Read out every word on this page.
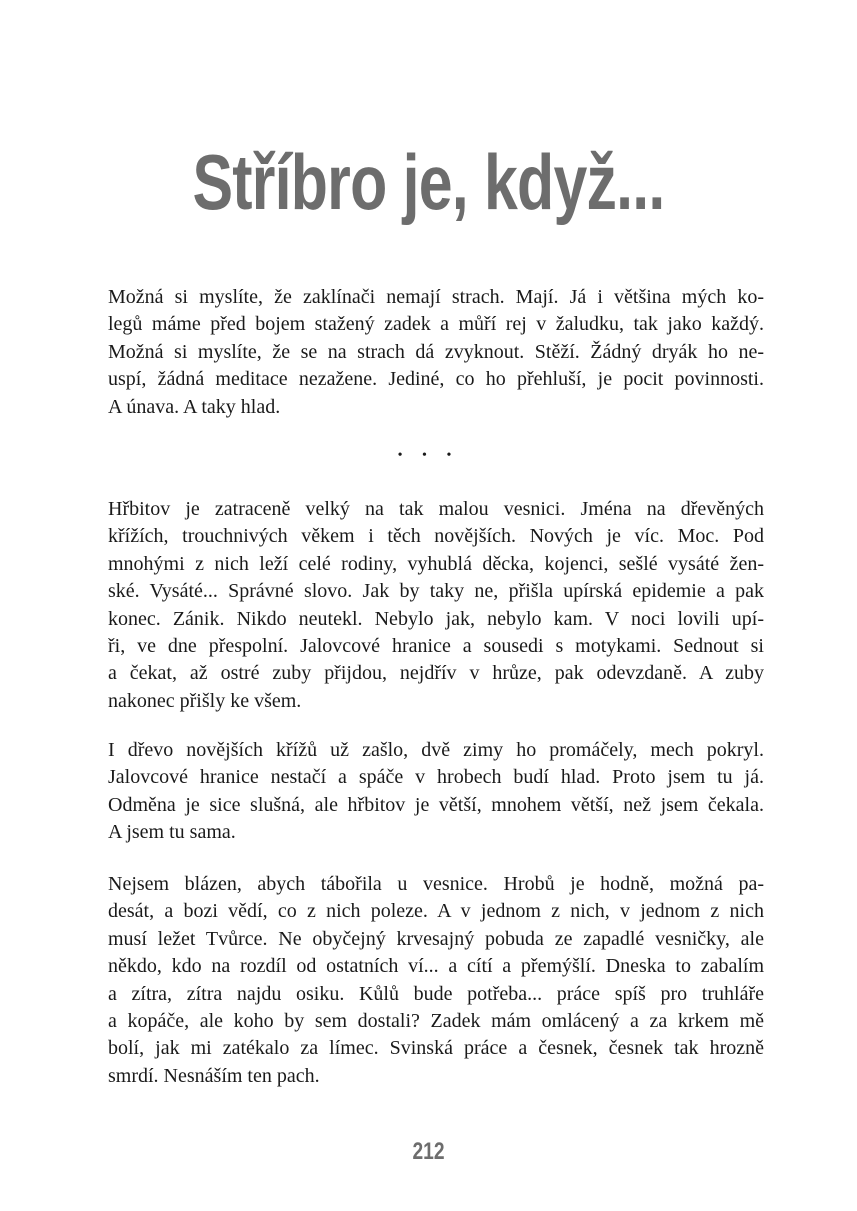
Stříbro je, když...

Možná si myslíte, že zaklínači nemají strach. Mají. Já i většina mých ko-
legů máme před bojem stažený zadek a můří rej v žaludku, tak jako každý.
Možná si myslíte, že se na strach dá zvyknout. Stěží. Žádný dryák ho ne-
uspí, žádná meditace nezažene. Jediné, co ho přehluší, je pocit povinnosti.
A únava. A taky hlad.

• • •

Hřbitov je zatraceně velký na tak malou vesnici. Jména na dřevěných
křížích, trouchnivých věkem i těch novějších. Nových je víc. Moc. Pod
mnohými z nich leží celé rodiny, vyhublá děcka, kojenci, sešlé vysáté žen-
ské. Vysáté... Správné slovo. Jak by taky ne, přišla upírská epidemie a pak
konec. Zánik. Nikdo neutekl. Nebylo jak, nebylo kam. V noci lovili upí-
ři, ve dne přespolní. Jalovcové hranice a sousedi s motykami. Sednout si
a čekat, až ostré zuby přijdou, nejdřív v hrůze, pak odevzdaně. A zuby
nakonec přišly ke všem.

I dřevo novějších křížů už zašlo, dvě zimy ho promáčely, mech pokryl.
Jalovcové hranice nestačí a spáče v hrobech budí hlad. Proto jsem tu já.
Odměna je sice slušná, ale hřbitov je větší, mnohem větší, než jsem čekala.
A jsem tu sama.

Nejsem blázen, abych tábořila u vesnice. Hrobů je hodně, možná pa-
desát, a bozi vědí, co z nich poleze. A v jednom z nich, v jednom z nich
musí ležet Tvůrce. Ne obyčejný krvesajný pobuda ze zapadlé vesničky, ale
někdo, kdo na rozdíl od ostatních ví... a cítí a přemýšlí. Dneska to zabalím
a zítra, zítra najdu osiku. Kůlů bude potřeba... práce spíš pro truhláře
a kopáče, ale koho by sem dostali? Zadek mám omlácený a za krkem mě
bolí, jak mi zatékalo za límec. Svinská práce a česnek, česnek tak hrozně
smrdí. Nesnáším ten pach.

212
